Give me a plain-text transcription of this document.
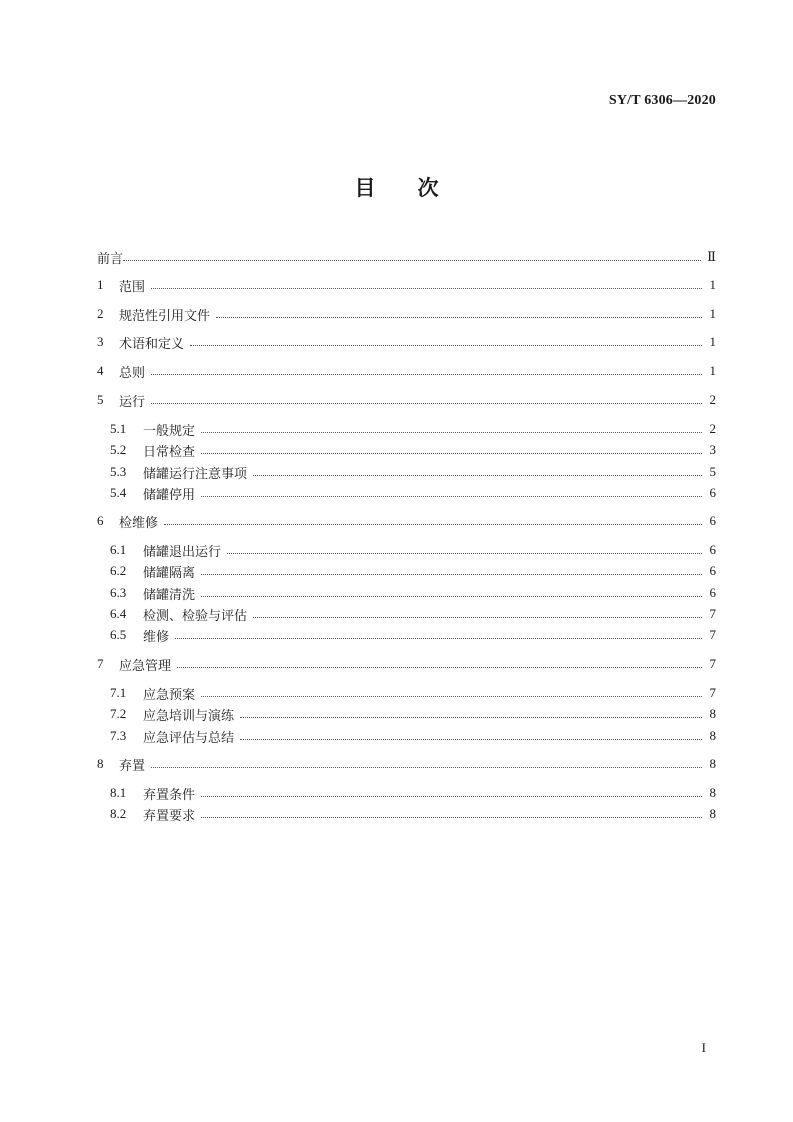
SY/T 6306—2020
目 次
前言	Ⅱ
1	范围	1
2	规范性引用文件	1
3	术语和定义	1
4	总则	1
5	运行	2
5.1	一般规定	2
5.2	日常检查	3
5.3	储罐运行注意事项	5
5.4	储罐停用	6
6	检维修	6
6.1	储罐退出运行	6
6.2	储罐隔离	6
6.3	储罐清洗	6
6.4	检测、检验与评估	7
6.5	维修	7
7	应急管理	7
7.1	应急预案	7
7.2	应急培训与演练	8
7.3	应急评估与总结	8
8	弃置	8
8.1	弃置条件	8
8.2	弃置要求	8
I
